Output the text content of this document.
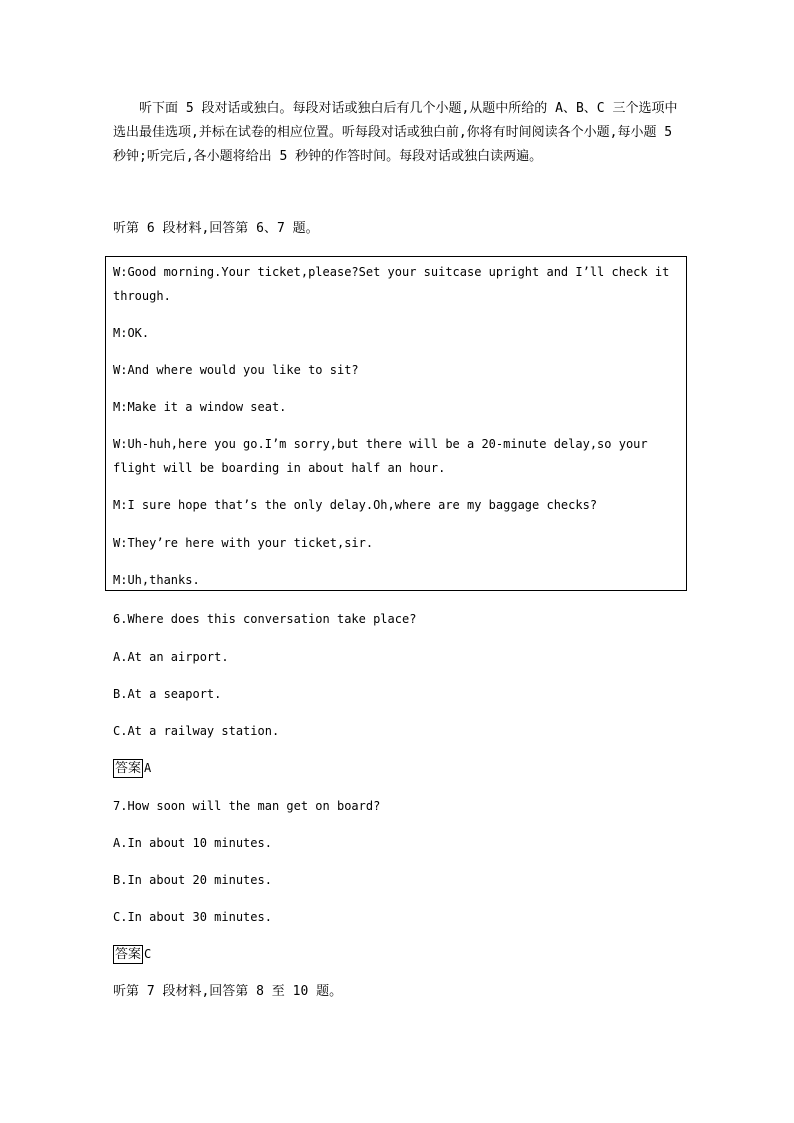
听下面 5 段对话或独白。每段对话或独白后有几个小题,从题中所给的 A、B、C 三个选项中选出最佳选项,并标在试卷的相应位置。听每段对话或独白前,你将有时间阅读各个小题,每小题 5 秒钟;听完后,各小题将给出 5 秒钟的作答时间。每段对话或独白读两遍。

听第 6 段材料,回答第 6、7 题。

W:Good morning.Your ticket,please?Set your suitcase upright and I’ll check it through.

M:OK.

W:And where would you like to sit?

M:Make it a window seat.

W:Uh-huh,here you go.I’m sorry,but there will be a 20-minute delay,so your flight will be boarding in about half an hour.

M:I sure hope that’s the only delay.Oh,where are my baggage checks?

W:They’re here with your ticket,sir.

M:Uh,thanks.

6.Where does this conversation take place?

A.At an airport.

B.At a seaport.

C.At a railway station.

答案 A

7.How soon will the man get on board?

A.In about 10 minutes.

B.In about 20 minutes.

C.In about 30 minutes.

答案 C

听第 7 段材料,回答第 8 至 10 题。
